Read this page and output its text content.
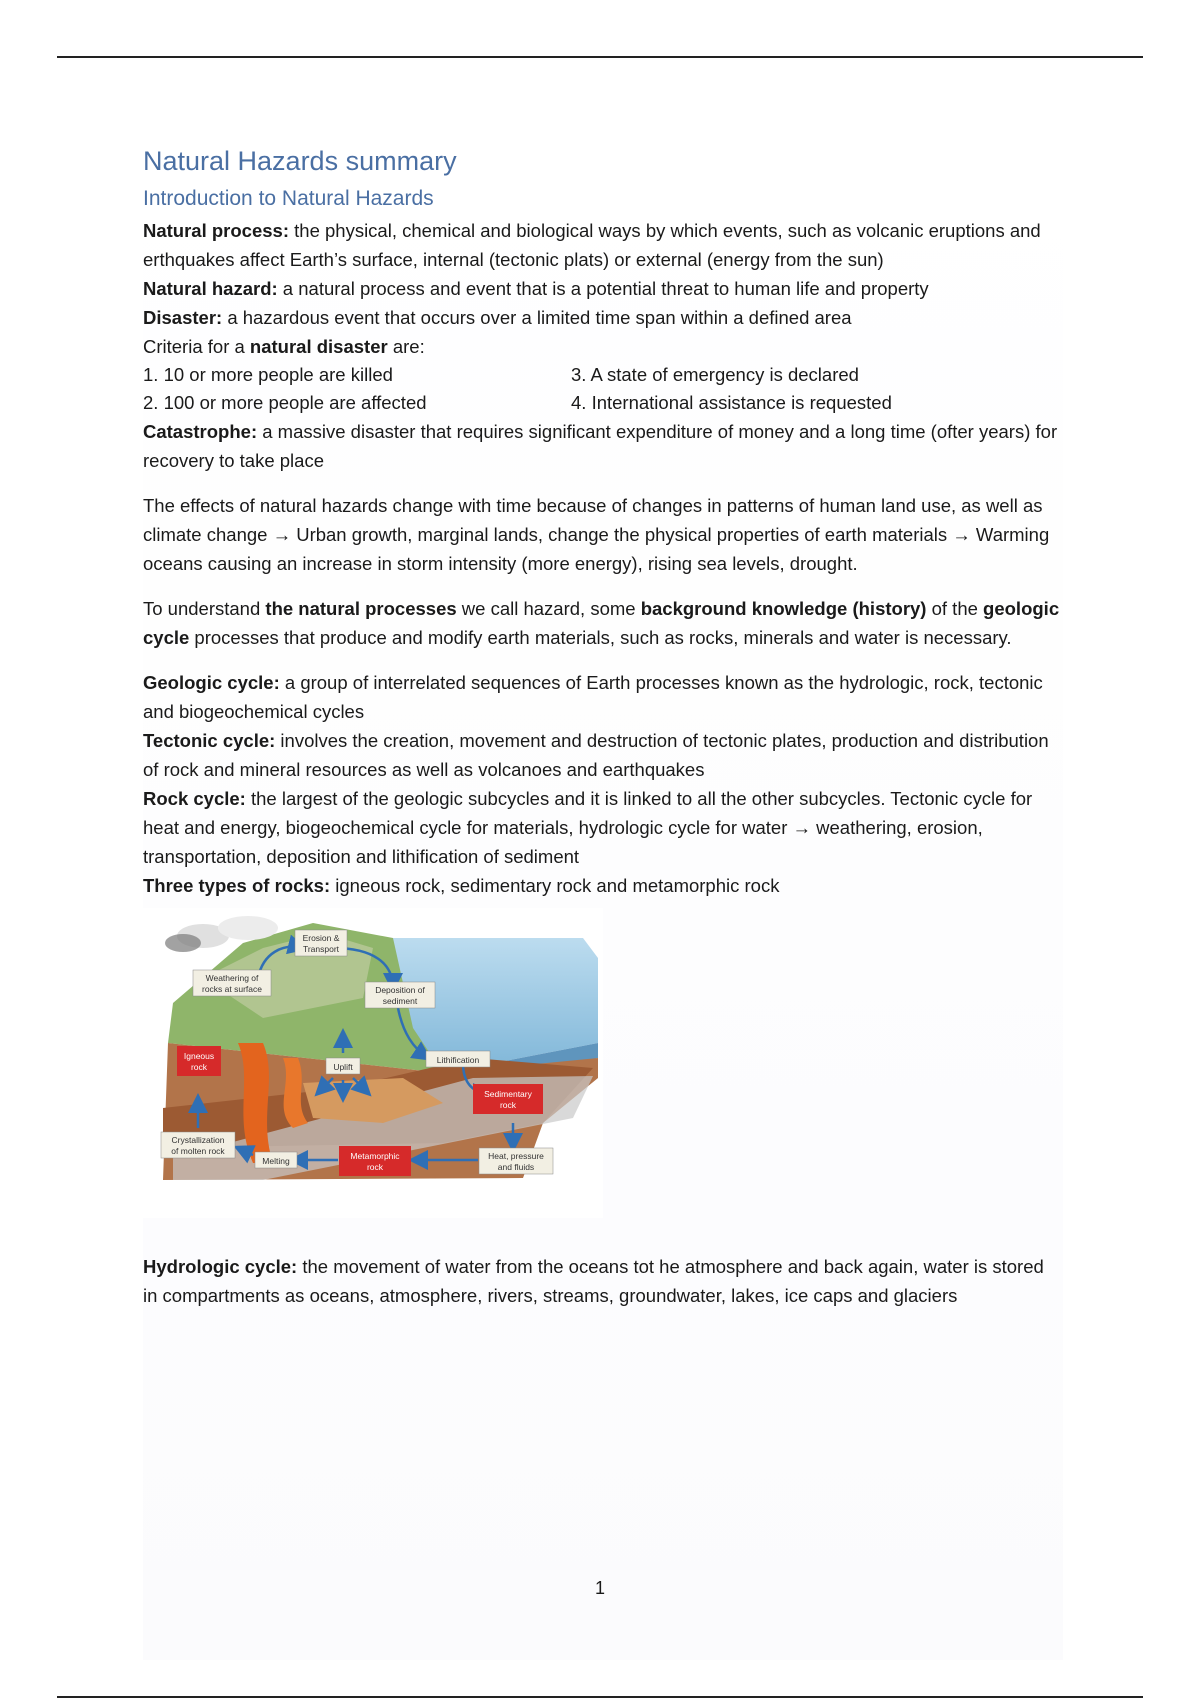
Natural Hazards summary
Introduction to Natural Hazards

Natural process: the physical, chemical and biological ways by which events, such as volcanic eruptions and erthquakes affect Earth’s surface, internal (tectonic plats) or external (energy from the sun)

Natural hazard: a natural process and event that is a potential threat to human life and property

Disaster: a hazardous event that occurs over a limited time span within a defined area

Criteria for a natural disaster are:

1. 10 or more people are killed	3. A state of emergency is declared
2. 100 or more people are affected	4. International assistance is requested

Catastrophe: a massive disaster that requires significant expenditure of money and a long time (ofter years) for recovery to take place

The effects of natural hazards change with time because of changes in patterns of human land use, as well as climate change → Urban growth, marginal lands, change the physical properties of earth materials → Warming oceans causing an increase in storm intensity (more energy), rising sea levels, drought.

To understand the natural processes we call hazard, some background knowledge (history) of the geologic cycle processes that produce and modify earth materials, such as rocks, minerals and water is necessary.

Geologic cycle: a group of interrelated sequences of Earth processes known as the hydrologic, rock, tectonic and biogeochemical cycles

Tectonic cycle: involves the creation, movement and destruction of tectonic plates, production and distribution of rock and mineral resources as well as volcanoes and earthquakes

Rock cycle: the largest of the geologic subcycles and it is linked to all the other subcycles. Tectonic cycle for heat and energy, biogeochemical cycle for materials, hydrologic cycle for water → weathering, erosion, transportation, deposition and lithification of sediment

Three types of rocks: igneous rock, sedimentary rock and metamorphic rock

Erosion &
Transport
Weathering of
rocks at surface	Deposition of
sediment
Lithification
Uplift
Igneous
rock
Sedimentary
rock
Crystallization
of molten rock
Melting	Metamorphic
rock
Heat, pressure
and fluids

Hydrologic cycle: the movement of water from the oceans tot he atmosphere and back again, water is stored in compartments as oceans, atmosphere, rivers, streams, groundwater, lakes, ice caps and glaciers

1
